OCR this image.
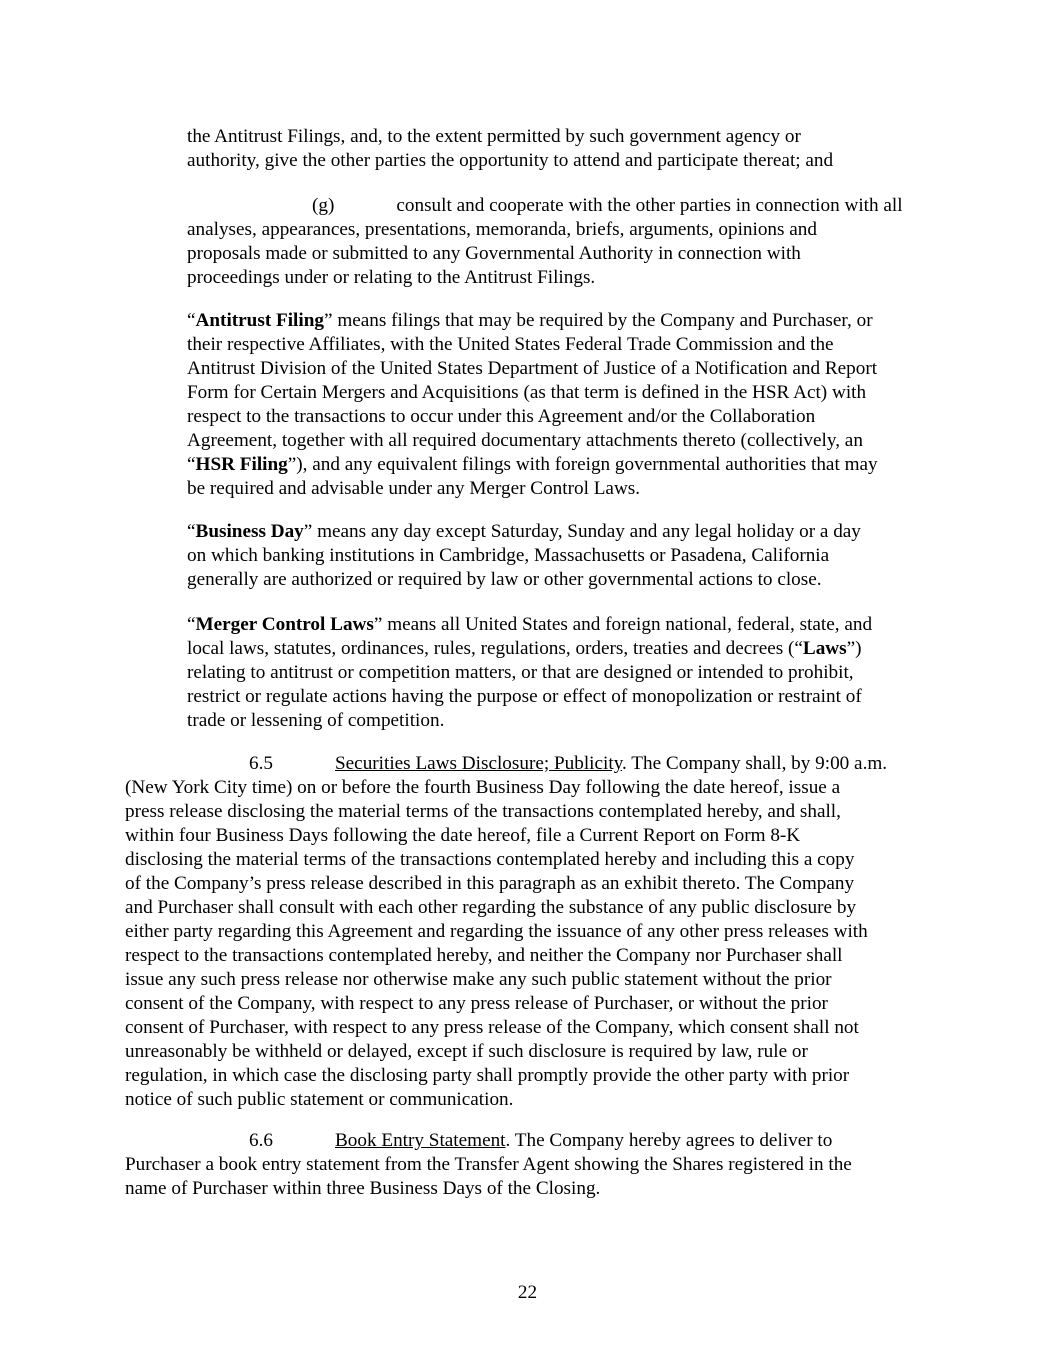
the Antitrust Filings, and, to the extent permitted by such government agency or
authority, give the other parties the opportunity to attend and participate thereat; and
(g)	consult and cooperate with the other parties in connection with all
analyses, appearances, presentations, memoranda, briefs, arguments, opinions and
proposals made or submitted to any Governmental Authority in connection with
proceedings under or relating to the Antitrust Filings.
“Antitrust Filing” means filings that may be required by the Company and Purchaser, or
their respective Affiliates, with the United States Federal Trade Commission and the
Antitrust Division of the United States Department of Justice of a Notification and Report
Form for Certain Mergers and Acquisitions (as that term is defined in the HSR Act) with
respect to the transactions to occur under this Agreement and/or the Collaboration
Agreement, together with all required documentary attachments thereto (collectively, an
“HSR Filing”), and any equivalent filings with foreign governmental authorities that may
be required and advisable under any Merger Control Laws.
“Business Day” means any day except Saturday, Sunday and any legal holiday or a day
on which banking institutions in Cambridge, Massachusetts or Pasadena, California
generally are authorized or required by law or other governmental actions to close.
“Merger Control Laws” means all United States and foreign national, federal, state, and
local laws, statutes, ordinances, rules, regulations, orders, treaties and decrees (“Laws”)
relating to antitrust or competition matters, or that are designed or intended to prohibit,
restrict or regulate actions having the purpose or effect of monopolization or restraint of
trade or lessening of competition.
6.5	Securities Laws Disclosure; Publicity. The Company shall, by 9:00 a.m.
(New York City time) on or before the fourth Business Day following the date hereof, issue a
press release disclosing the material terms of the transactions contemplated hereby, and shall,
within four Business Days following the date hereof, file a Current Report on Form 8-K
disclosing the material terms of the transactions contemplated hereby and including this a copy
of the Company’s press release described in this paragraph as an exhibit thereto. The Company
and Purchaser shall consult with each other regarding the substance of any public disclosure by
either party regarding this Agreement and regarding the issuance of any other press releases with
respect to the transactions contemplated hereby, and neither the Company nor Purchaser shall
issue any such press release nor otherwise make any such public statement without the prior
consent of the Company, with respect to any press release of Purchaser, or without the prior
consent of Purchaser, with respect to any press release of the Company, which consent shall not
unreasonably be withheld or delayed, except if such disclosure is required by law, rule or
regulation, in which case the disclosing party shall promptly provide the other party with prior
notice of such public statement or communication.
6.6	Book Entry Statement. The Company hereby agrees to deliver to
Purchaser a book entry statement from the Transfer Agent showing the Shares registered in the
name of Purchaser within three Business Days of the Closing.
22
